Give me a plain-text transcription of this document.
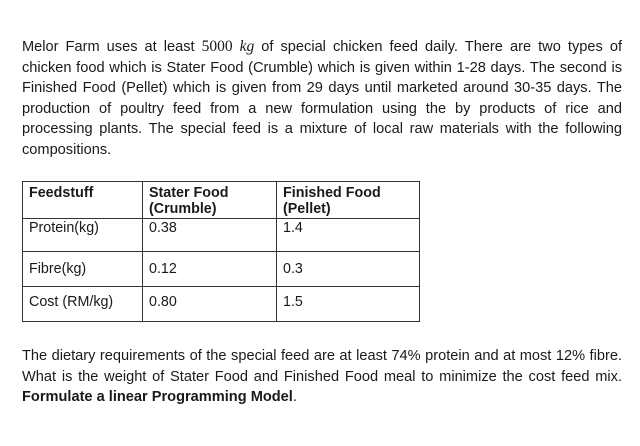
Melor Farm uses at least 5000 kg of special chicken feed daily. There are two types of chicken food which is Stater Food (Crumble) which is given within 1-28 days. The second is Finished Food (Pellet) which is given from 29 days until marketed around 30-35 days. The production of poultry feed from a new formulation using the by products of rice and processing plants. The special feed is a mixture of local raw materials with the following compositions.

Feedstuff	Stater Food (Crumble)	Finished Food (Pellet)
Protein(kg)	0.38	1.4
Fibre(kg)	0.12	0.3
Cost (RM/kg)	0.80	1.5

The dietary requirements of the special feed are at least 74% protein and at most 12% fibre. What is the weight of Stater Food and Finished Food meal to minimize the cost feed mix. Formulate a linear Programming Model.
